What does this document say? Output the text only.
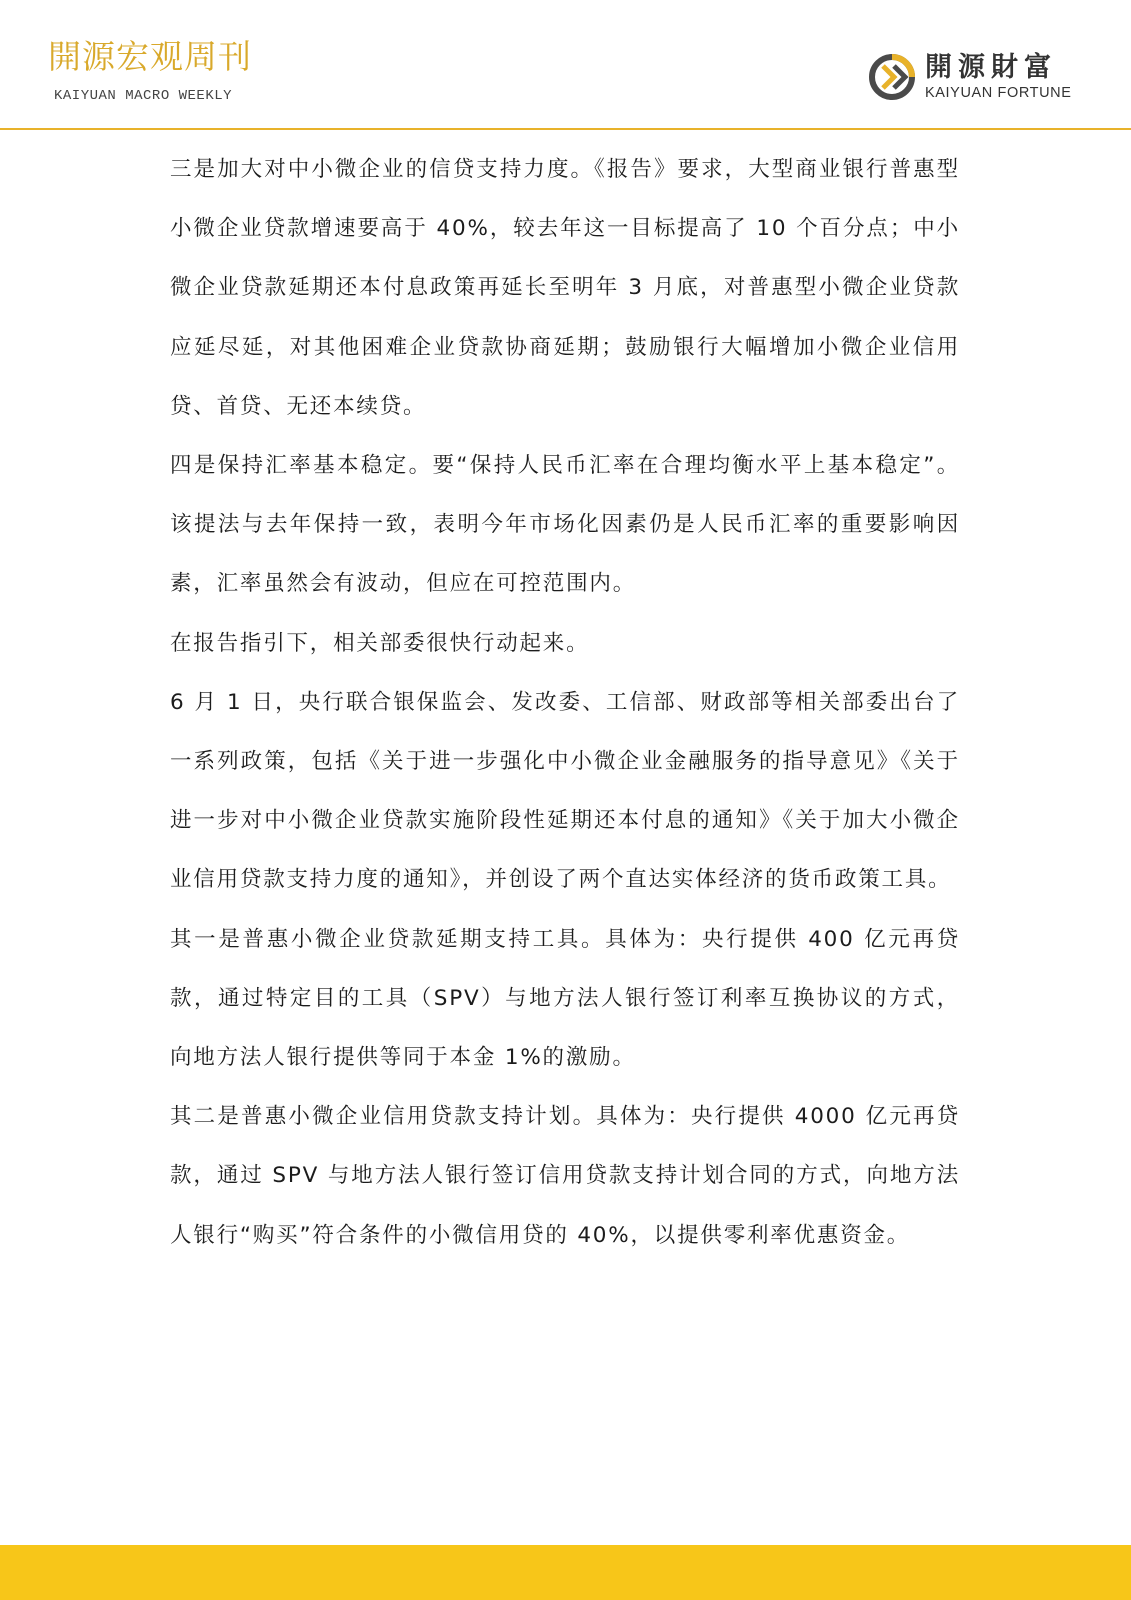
開源宏观周刊
KAIYUAN MACRO WEEKLY
開源財富
KAIYUAN FORTUNE

三是加大对中小微企业的信贷支持力度。《报告》要求，大型商业银行普惠型小微企业贷款增速要高于 40%，较去年这一目标提高了 10 个百分点；中小微企业贷款延期还本付息政策再延长至明年 3 月底，对普惠型小微企业贷款应延尽延，对其他困难企业贷款协商延期；鼓励银行大幅增加小微企业信用贷、首贷、无还本续贷。

四是保持汇率基本稳定。要“保持人民币汇率在合理均衡水平上基本稳定”。该提法与去年保持一致，表明今年市场化因素仍是人民币汇率的重要影响因素，汇率虽然会有波动，但应在可控范围内。

在报告指引下，相关部委很快行动起来。

6 月 1 日，央行联合银保监会、发改委、工信部、财政部等相关部委出台了一系列政策，包括《关于进一步强化中小微企业金融服务的指导意见》《关于进一步对中小微企业贷款实施阶段性延期还本付息的通知》《关于加大小微企业信用贷款支持力度的通知》，并创设了两个直达实体经济的货币政策工具。

其一是普惠小微企业贷款延期支持工具。具体为：央行提供 400 亿元再贷款，通过特定目的工具（SPV）与地方法人银行签订利率互换协议的方式，向地方法人银行提供等同于本金 1%的激励。

其二是普惠小微企业信用贷款支持计划。具体为：央行提供 4000 亿元再贷款，通过 SPV 与地方法人银行签订信用贷款支持计划合同的方式，向地方法人银行“购买”符合条件的小微信用贷的 40%，以提供零利率优惠资金。
